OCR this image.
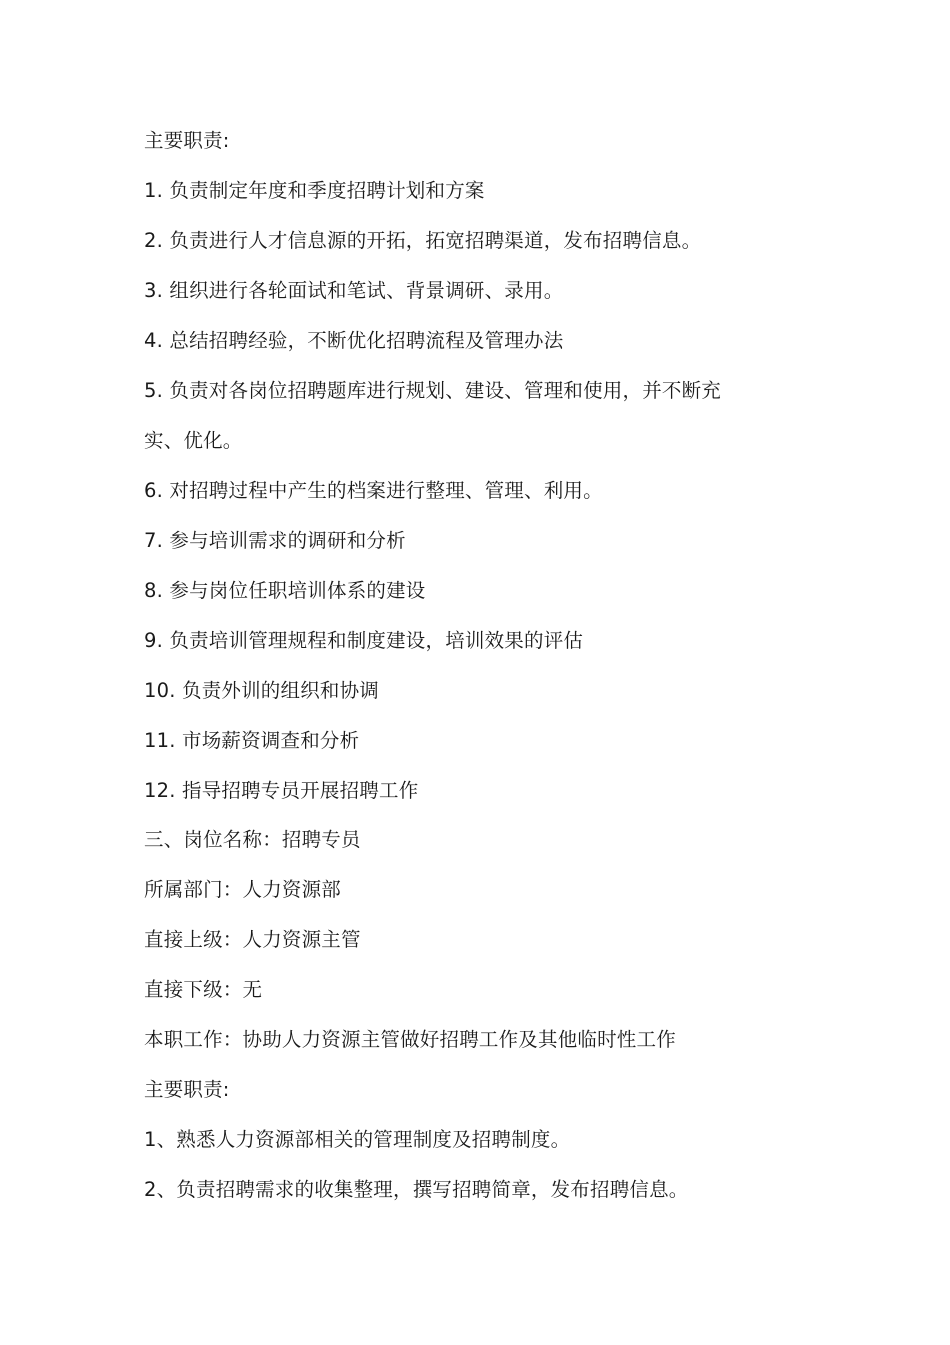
主要职责:
1. 负责制定年度和季度招聘计划和方案
2. 负责进行人才信息源的开拓，拓宽招聘渠道，发布招聘信息。
3. 组织进行各轮面试和笔试、背景调研、录用。
4. 总结招聘经验，不断优化招聘流程及管理办法
5. 负责对各岗位招聘题库进行规划、建设、管理和使用，并不断充
实、优化。
6. 对招聘过程中产生的档案进行整理、管理、利用。
7. 参与培训需求的调研和分析
8. 参与岗位任职培训体系的建设
9. 负责培训管理规程和制度建设，培训效果的评估
10. 负责外训的组织和协调
11. 市场薪资调查和分析
12. 指导招聘专员开展招聘工作
三、岗位名称：招聘专员
所属部门：人力资源部
直接上级：人力资源主管
直接下级：无
本职工作：协助人力资源主管做好招聘工作及其他临时性工作
主要职责:
1、熟悉人力资源部相关的管理制度及招聘制度。
2、负责招聘需求的收集整理，撰写招聘简章，发布招聘信息。
